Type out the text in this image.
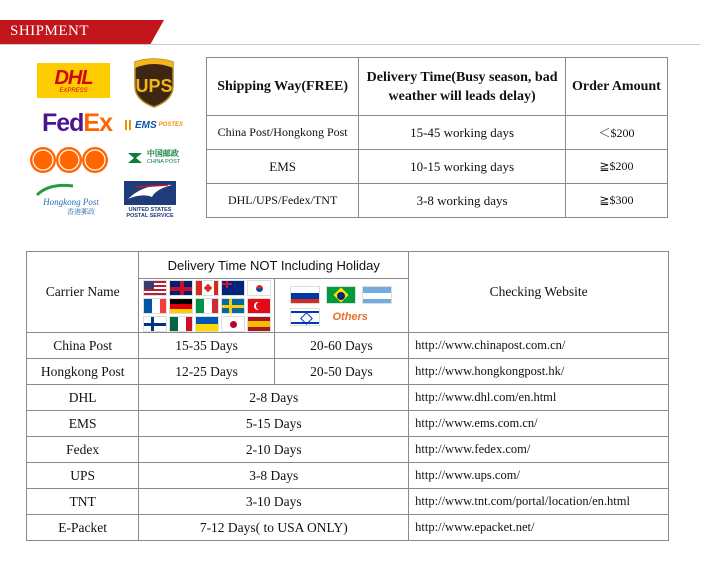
SHIPMENT
DHL
EXPRESS	UPS
Fed Ex EMS POSTEX
中国邮政
CHINA POST
Hongkong Post
香港郵政	UNITED STATES
POSTAL SERVICE
Shipping Way(FREE)	Delivery Time(Busy season, bad weather will leads delay)	Order Amount
China Post/Hongkong Post	15-45 working days	＜$200
EMS	10-15 working days	≧$200
DHL/UPS/Fedex/TNT	3-8 working days	≧$300
Carrier Name	Delivery Time NOT Including Holiday		Checking Website

		Others	

China Post	15-35 Days	20-60 Days	http://www.chinapost.com.cn/
Hongkong Post	12-25 Days	20-50 Days	http://www.hongkongpost.hk/
DHL	2-8 Days		http://www.dhl.com/en.html
EMS	5-15 Days		http://www.ems.com.cn/
Fedex	2-10 Days		http://www.fedex.com/
UPS	3-8 Days		http://www.ups.com/
TNT	3-10 Days		http://www.tnt.com/portal/location/en.html
E-Packet	7-12 Days( to USA ONLY)		http://www.epacket.net/
